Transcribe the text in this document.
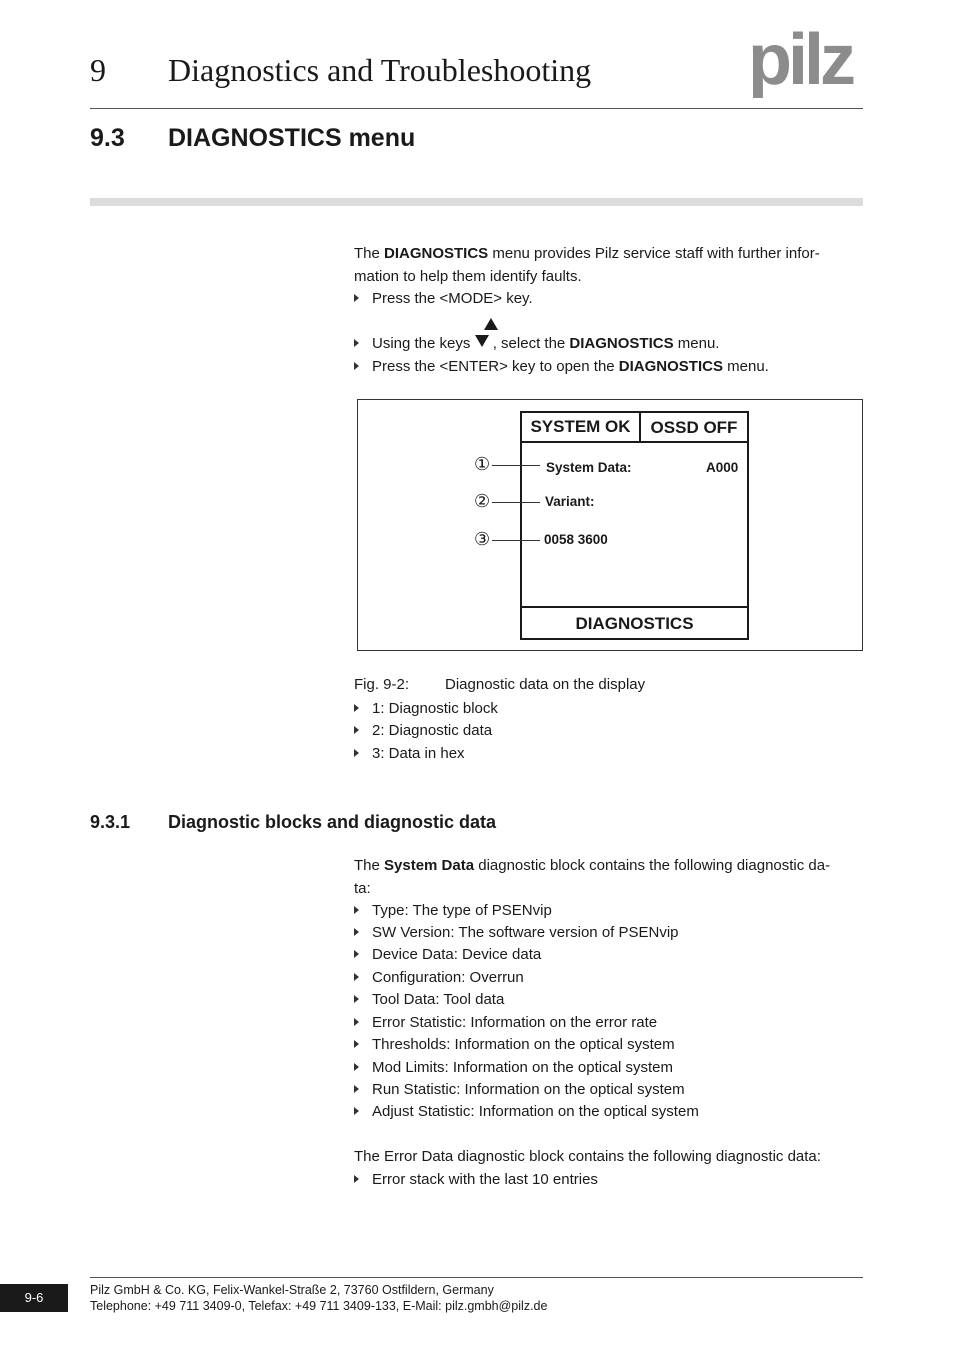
9 Diagnostics and Troubleshooting pilz
9.3 DIAGNOSTICS menu
The DIAGNOSTICS menu provides Pilz service staff with further infor-
mation to help them identify faults.
Press the <MODE> key.
Using the keys  , select the DIAGNOSTICS menu.
Press the <ENTER> key to open the DIAGNOSTICS menu.
SYSTEM OK	OSSD OFF
System Data:	A000
Variant:
0058 3600
DIAGNOSTICS
①
②
③
Fig. 9-2: Diagnostic data on the display
1: Diagnostic block
2: Diagnostic data
3: Data in hex
9.3.1 Diagnostic blocks and diagnostic data
The System Data diagnostic block contains the following diagnostic da-
ta:
Type: The type of PSENvip
SW Version: The software version of PSENvip
Device Data: Device data
Configuration: Overrun
Tool Data: Tool data
Error Statistic: Information on the error rate
Thresholds: Information on the optical system
Mod Limits: Information on the optical system
Run Statistic: Information on the optical system
Adjust Statistic: Information on the optical system
The Error Data diagnostic block contains the following diagnostic data:
Error stack with the last 10 entries
9-6	Pilz GmbH & Co. KG, Felix-Wankel-Straße 2, 73760 Ostfildern, Germany
Telephone: +49 711 3409-0, Telefax: +49 711 3409-133, E-Mail: pilz.gmbh@pilz.de
